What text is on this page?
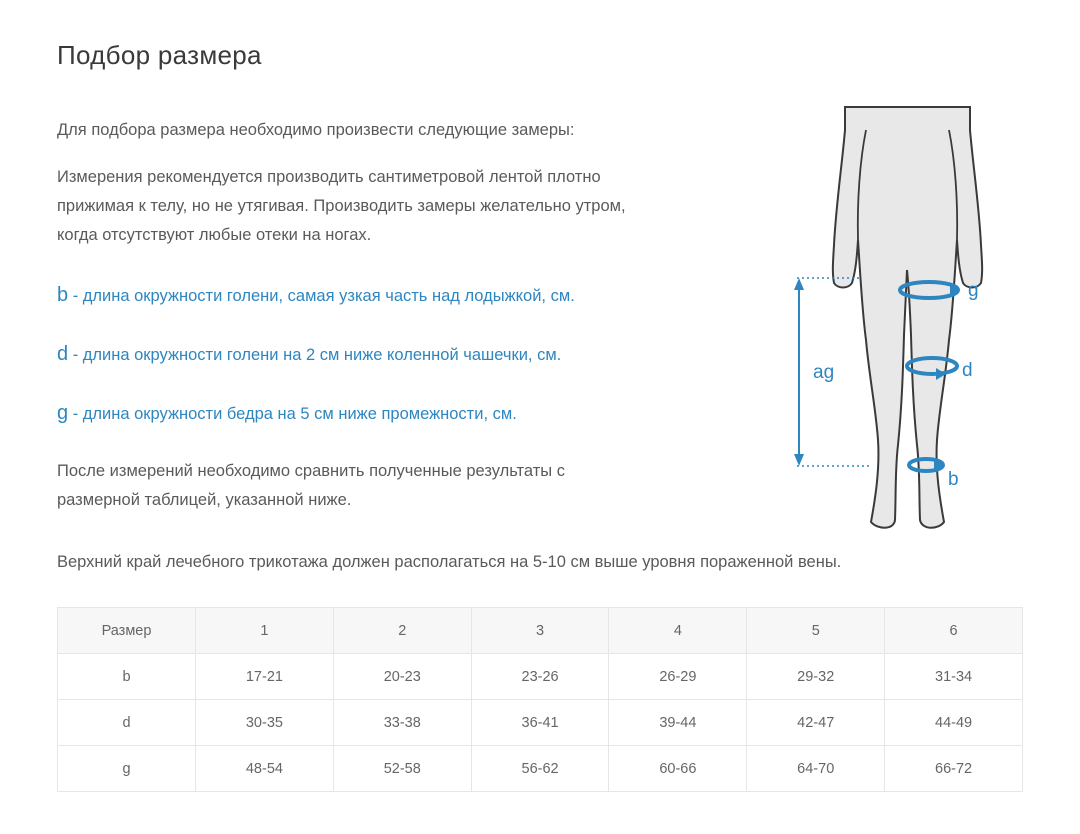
Подбор размера

Для подбора размера необходимо произвести следующие замеры:

Измерения рекомендуется производить сантиметровой лентой плотно
прижимая к телу, но не утягивая. Производить замеры желательно утром,
когда отсутствуют любые отеки на ногах.

b - длина окружности голени, самая узкая часть над лодыжкой, см.

d - длина окружности голени на 2 см ниже коленной чашечки, см.

g - длина окружности бедра на 5 см ниже промежности, см.

После измерений необходимо сравнить полученные результаты с
размерной таблицей, указанной ниже.

Верхний край лечебного трикотажа должен располагаться на 5-10 см выше уровня пораженной вены.

ag
g
d
b
Размер	1	2	3	4	5	6
b	17-21	20-23	23-26	26-29	29-32	31-34
d	30-35	33-38	36-41	39-44	42-47	44-49
g	48-54	52-58	56-62	60-66	64-70	66-72
